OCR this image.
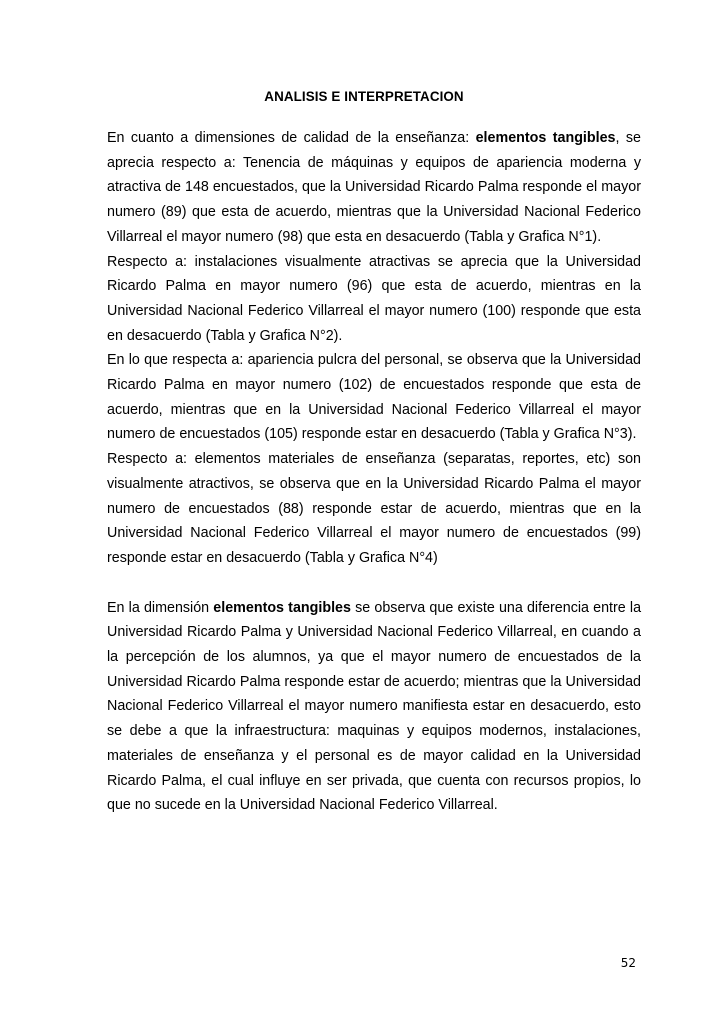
ANALISIS E INTERPRETACION

En cuanto a dimensiones de calidad de la enseñanza: elementos tangibles, se aprecia respecto a: Tenencia de máquinas y equipos de apariencia moderna y atractiva de 148 encuestados, que la Universidad Ricardo Palma responde el mayor numero (89) que esta de acuerdo, mientras que la Universidad Nacional Federico Villarreal el mayor numero (98) que esta en desacuerdo (Tabla y Grafica N°1).

Respecto a: instalaciones visualmente atractivas se aprecia que la Universidad Ricardo Palma en mayor numero (96) que esta de acuerdo, mientras en la Universidad Nacional Federico Villarreal el mayor numero (100) responde que esta en desacuerdo (Tabla y Grafica N°2).

En lo que respecta a: apariencia pulcra del personal, se observa que la Universidad Ricardo Palma en mayor numero (102) de encuestados responde que esta de acuerdo, mientras que en la Universidad Nacional Federico Villarreal el mayor numero de encuestados (105) responde estar en desacuerdo (Tabla y Grafica N°3).

Respecto a: elementos materiales de enseñanza (separatas, reportes, etc) son visualmente atractivos, se observa que en la Universidad Ricardo Palma el mayor numero de encuestados (88) responde estar de acuerdo, mientras que en la Universidad Nacional Federico Villarreal el mayor numero de encuestados (99) responde estar en desacuerdo (Tabla y Grafica N°4)

En la dimensión elementos tangibles se observa que existe una diferencia entre la Universidad Ricardo Palma y Universidad Nacional Federico Villarreal, en cuando a la percepción de los alumnos, ya que el mayor numero de encuestados de la Universidad Ricardo Palma responde estar de acuerdo; mientras que la Universidad Nacional Federico Villarreal el mayor numero manifiesta estar en desacuerdo, esto se debe a que la infraestructura: maquinas y equipos modernos, instalaciones, materiales de enseñanza y el personal es de mayor calidad en la Universidad Ricardo Palma, el cual influye en ser privada, que cuenta con recursos propios, lo que no sucede en la Universidad Nacional Federico Villarreal.

52
